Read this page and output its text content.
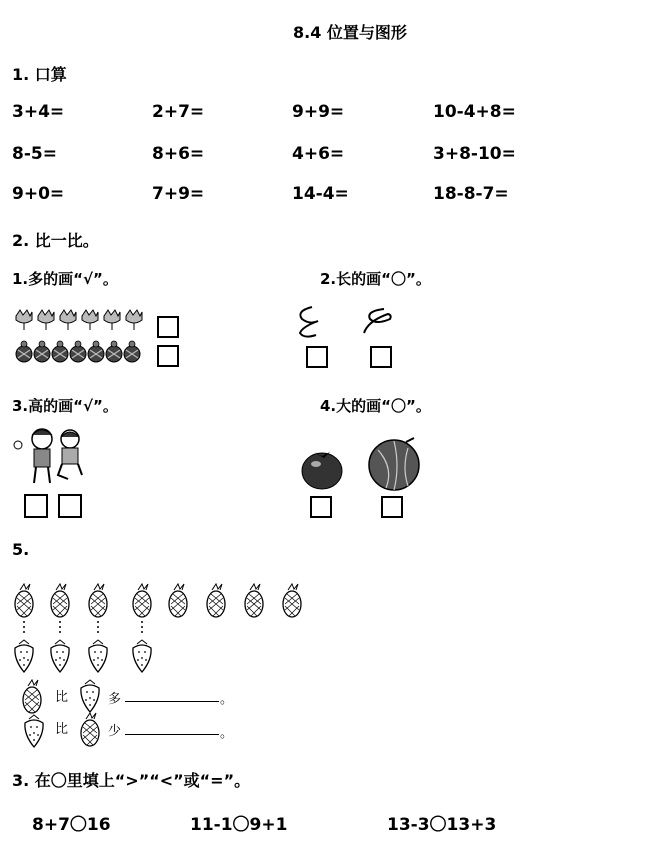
8.4 位置与图形
1. 口算
3+4=	2+7=	9+9=	10-4+8=
8-5=	8+6=	4+6=	3+8-10=
9+0=	7+9=	14-4=	18-8-7=
2. 比一比。
1.多的画“√”。	2.长的画“〇”。
3.高的画“√”。	4.大的画“〇”。
5.
比	多	。
比	少	。
3. 在〇里填上“>”“<”或“=”。
8+7〇16	11-1〇9+1	13-3〇13+3
